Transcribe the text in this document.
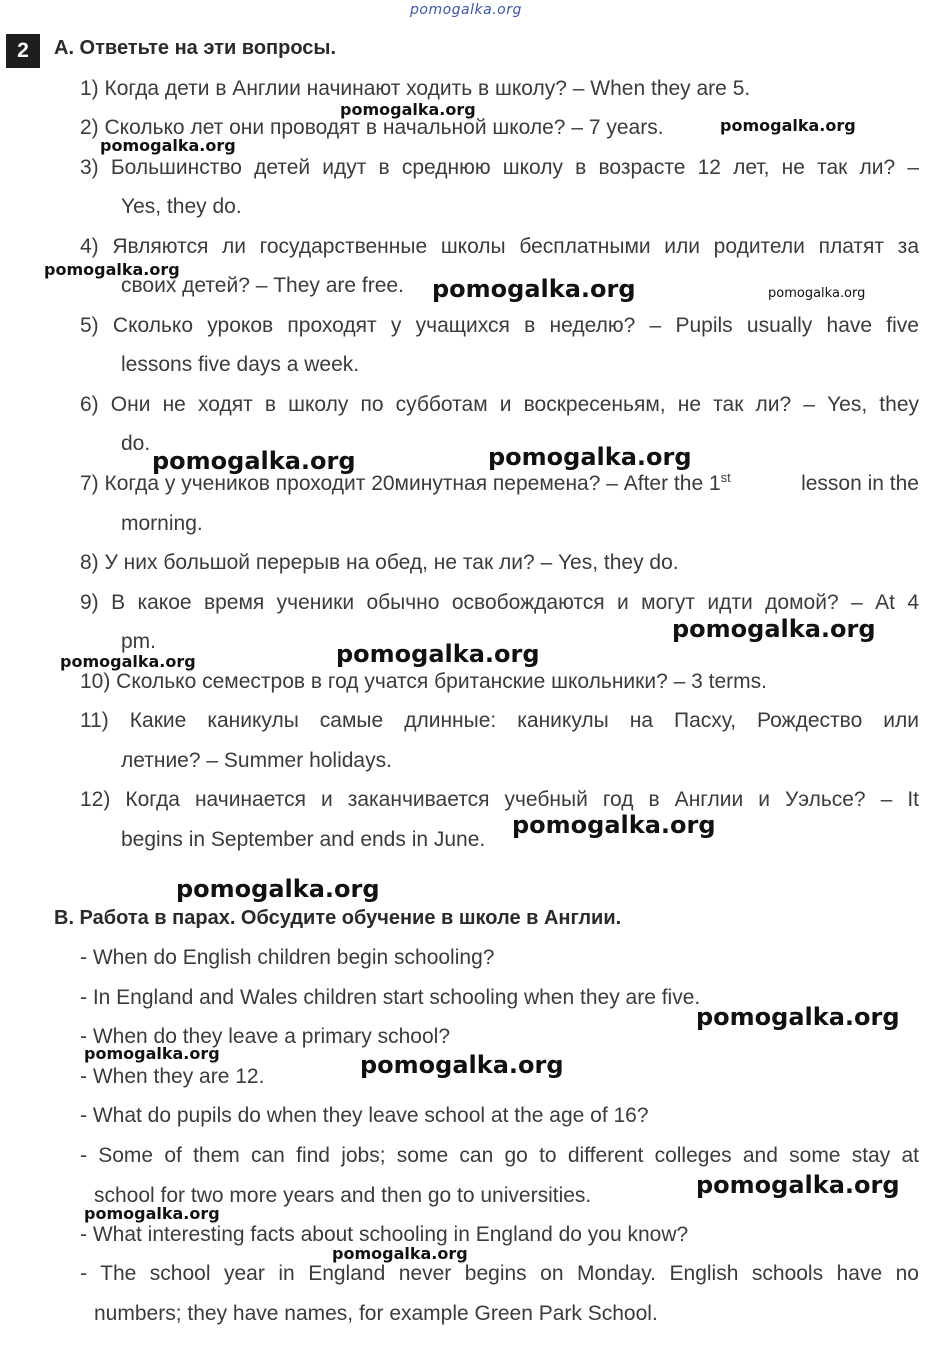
pomogalka.org
2	A. Ответьте на эти вопросы.
1) Когда дети в Англии начинают ходить в школу? – When they are 5.
2) Сколько лет они проводят в начальной школе? – 7 years.
3) Большинство детей идут в среднюю школу в возрасте 12 лет, не так ли? –
Yes, they do.
4) Являются ли государственные школы бесплатными или родители платят за
своих детей? – They are free.
5) Сколько уроков проходят у учащихся в неделю? – Pupils usually have five
lessons five days a week.
6) Они не ходят в школу по субботам и воскресеньям, не так ли? – Yes, they
do.
7) Когда у учеников проходит 20минутная перемена? – After the 1st	lesson in the
morning.
8) У них большой перерыв на обед, не так ли? – Yes, they do.
9) В какое время ученики обычно освобождаются и могут идти домой? – At 4
pm.
10) Сколько семестров в год учатся британские школьники? – 3 terms.
11) Какие каникулы самые длинные: каникулы на Пасху, Рождество или
летние? – Summer holidays.
12) Когда начинается и заканчивается учебный год в Англии и Уэльсе? – It
begins in September and ends in June.
B. Работа в парах. Обсудите обучение в школе в Англии.
- When do English children begin schooling?
- In England and Wales children start schooling when they are five.
- When do they leave a primary school?
- When they are 12.
- What do pupils do when they leave school at the age of 16?
- Some of them can find jobs; some can go to different colleges and some stay at
school for two more years and then go to universities.
- What interesting facts about schooling in England do you know?
- The school year in England never begins on Monday. English schools have no
numbers; they have names, for example Green Park School.
pomogalka.org
pomogalka.org
pomogalka.org
pomogalka.org
pomogalka.org	pomogalka.org
pomogalka.org	pomogalka.org
pomogalka.org
pomogalka.org
pomogalka.org
pomogalka.org
pomogalka.org
pomogalka.org
pomogalka.org	pomogalka.org
pomogalka.org
pomogalka.org
pomogalka.org
